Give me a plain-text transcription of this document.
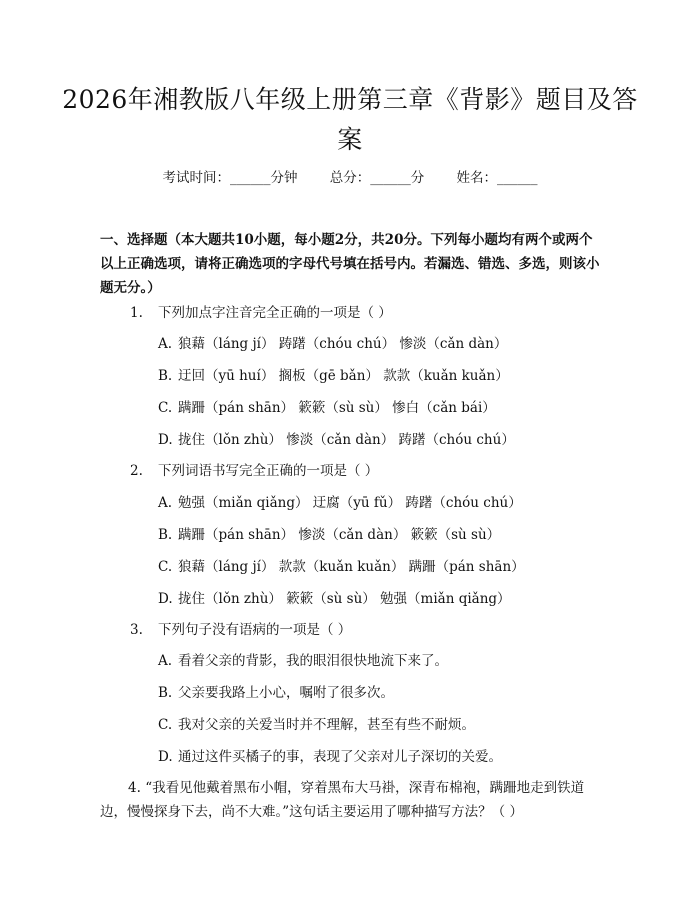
2026年湘教版八年级上册第三章《背影》题目及答案
考试时间：______分钟 总分：______分 姓名：______
一、选择题（本大题共10小题，每小题2分，共20分。下列每小题均有两个或两个以上正确选项，请将正确选项的字母代号填在括号内。若漏选、错选、多选，则该小题无分。）
1. 下列加点字注音完全正确的一项是（ ）
A. 狼藉（láng jí） 踌躇（chóu chú） 惨淡（cǎn dàn）
B. 迂回（yū huí） 搁板（gē bǎn） 款款（kuǎn kuǎn）
C. 蹒跚（pán shān） 簌簌（sù sù） 惨白（cǎn bái）
D. 拢住（lǒn zhù） 惨淡（cǎn dàn） 踌躇（chóu chú）
2. 下列词语书写完全正确的一项是（ ）
A. 勉强（miǎn qiǎng） 迂腐（yū fǔ） 踌躇（chóu chú）
B. 蹒跚（pán shān） 惨淡（cǎn dàn） 簌簌（sù sù）
C. 狼藉（láng jí） 款款（kuǎn kuǎn） 蹒跚（pán shān）
D. 拢住（lǒn zhù） 簌簌（sù sù） 勉强（miǎn qiǎng）
3. 下列句子没有语病的一项是（ ）
A. 看着父亲的背影，我的眼泪很快地流下来了。
B. 父亲要我路上小心，嘱咐了很多次。
C. 我对父亲的关爱当时并不理解，甚至有些不耐烦。
D. 通过这件买橘子的事，表现了父亲对儿子深切的关爱。
4. “我看见他戴着黑布小帽，穿着黑布大马褂，深青布棉袍，蹒跚地走到铁道边，慢慢探身下去，尚不大难。”这句话主要运用了哪种描写方法？（ ）
